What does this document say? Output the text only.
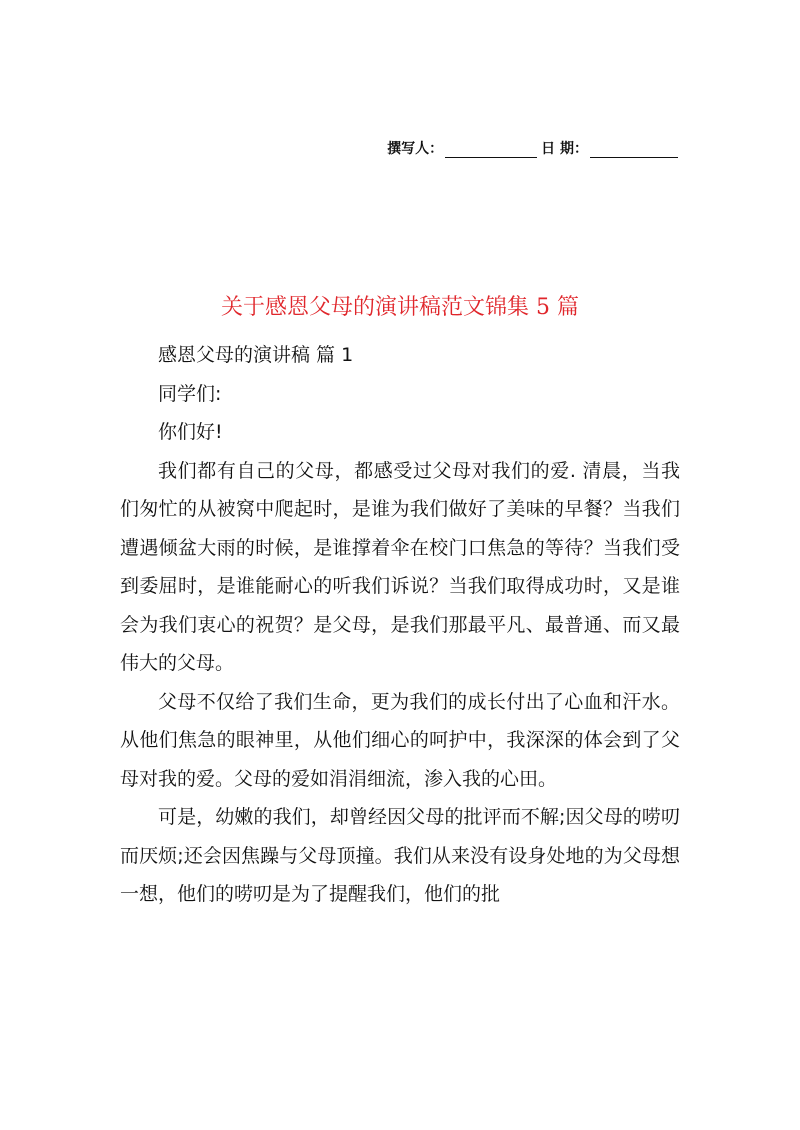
撰写人：	日 期：
关于感恩父母的演讲稿范文锦集 5 篇

感恩父母的演讲稿 篇 1

同学们:

你们好!

我们都有自己的父母，都感受过父母对我们的爱. 清晨，当我们匆忙的从被窝中爬起时，是谁为我们做好了美味的早餐？当我们遭遇倾盆大雨的时候，是谁撑着伞在校门口焦急的等待？当我们受到委屈时，是谁能耐心的听我们诉说？当我们取得成功时，又是谁会为我们衷心的祝贺？是父母，是我们那最平凡、最普通、而又最伟大的父母。

父母不仅给了我们生命，更为我们的成长付出了心血和汗水。从他们焦急的眼神里，从他们细心的呵护中，我深深的体会到了父母对我的爱。父母的爱如涓涓细流，渗入我的心田。

可是，幼嫩的我们，却曾经因父母的批评而不解;因父母的唠叨而厌烦;还会因焦躁与父母顶撞。我们从来没有设身处地的为父母想一想，他们的唠叨是为了提醒我们，他们的批
